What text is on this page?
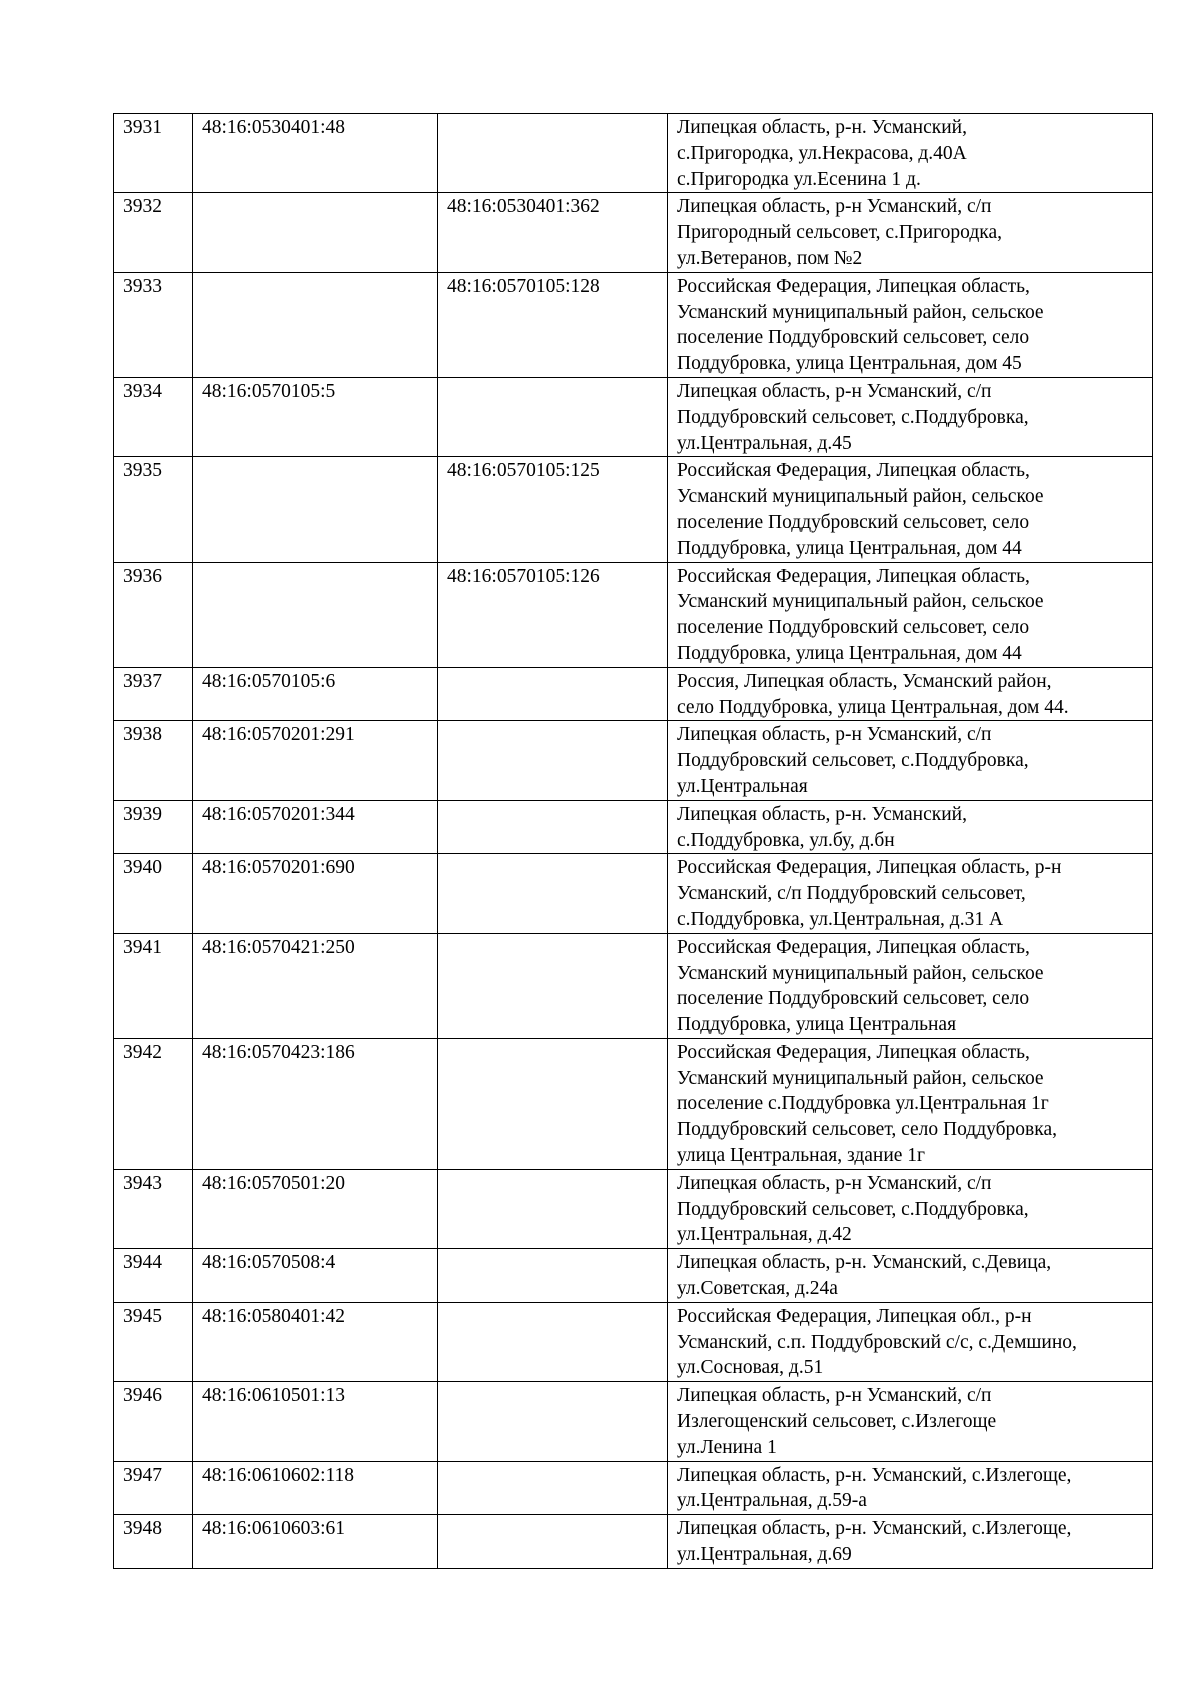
3931	48:16:0530401:48		Липецкая область, р-н. Усманский,
с.Пригородка, ул.Некрасова, д.40А
с.Пригородка ул.Есенина 1 д.

3932		48:16:0530401:362	Липецкая область, р-н Усманский, с/п
Пригородный сельсовет, с.Пригородка,
ул.Ветеранов, пом №2

3933		48:16:0570105:128	Российская Федерация, Липецкая область,
Усманский муниципальный район, сельское
поселение Поддубровский сельсовет, село
Поддубровка, улица Центральная, дом 45

3934	48:16:0570105:5		Липецкая область, р-н Усманский, с/п
Поддубровский сельсовет, с.Поддубровка,
ул.Центральная, д.45

3935		48:16:0570105:125	Российская Федерация, Липецкая область,
Усманский муниципальный район, сельское
поселение Поддубровский сельсовет, село
Поддубровка, улица Центральная, дом 44

3936		48:16:0570105:126	Российская Федерация, Липецкая область,
Усманский муниципальный район, сельское
поселение Поддубровский сельсовет, село
Поддубровка, улица Центральная, дом 44

3937	48:16:0570105:6		Россия, Липецкая область, Усманский район,
село Поддубровка, улица Центральная, дом 44.

3938	48:16:0570201:291		Липецкая область, р-н Усманский, с/п
Поддубровский сельсовет, с.Поддубровка,
ул.Центральная

3939	48:16:0570201:344		Липецкая область, р-н. Усманский,
с.Поддубровка, ул.бу, д.бн

3940	48:16:0570201:690		Российская Федерация, Липецкая область, р-н
Усманский, с/п Поддубровский сельсовет,
с.Поддубровка, ул.Центральная, д.31 А

3941	48:16:0570421:250		Российская Федерация, Липецкая область,
Усманский муниципальный район, сельское
поселение Поддубровский сельсовет, село
Поддубровка, улица Центральная

3942	48:16:0570423:186		Российская Федерация, Липецкая область,
Усманский муниципальный район, сельское
поселение с.Поддубровка ул.Центральная 1г
Поддубровский сельсовет, село Поддубровка,
улица Центральная, здание 1г

3943	48:16:0570501:20		Липецкая область, р-н Усманский, с/п
Поддубровский сельсовет, с.Поддубровка,
ул.Центральная, д.42

3944	48:16:0570508:4		Липецкая область, р-н. Усманский, с.Девица,
ул.Советская, д.24а

3945	48:16:0580401:42		Российская Федерация, Липецкая обл., р-н
Усманский, с.п. Поддубровский с/с, с.Демшино,
ул.Сосновая, д.51

3946	48:16:0610501:13		Липецкая область, р-н Усманский, с/п
Излегощенский сельсовет, с.Излегоще
ул.Ленина 1

3947	48:16:0610602:118		Липецкая область, р-н. Усманский, с.Излегоще,
ул.Центральная, д.59-а

3948	48:16:0610603:61		Липецкая область, р-н. Усманский, с.Излегоще,
ул.Центральная, д.69
